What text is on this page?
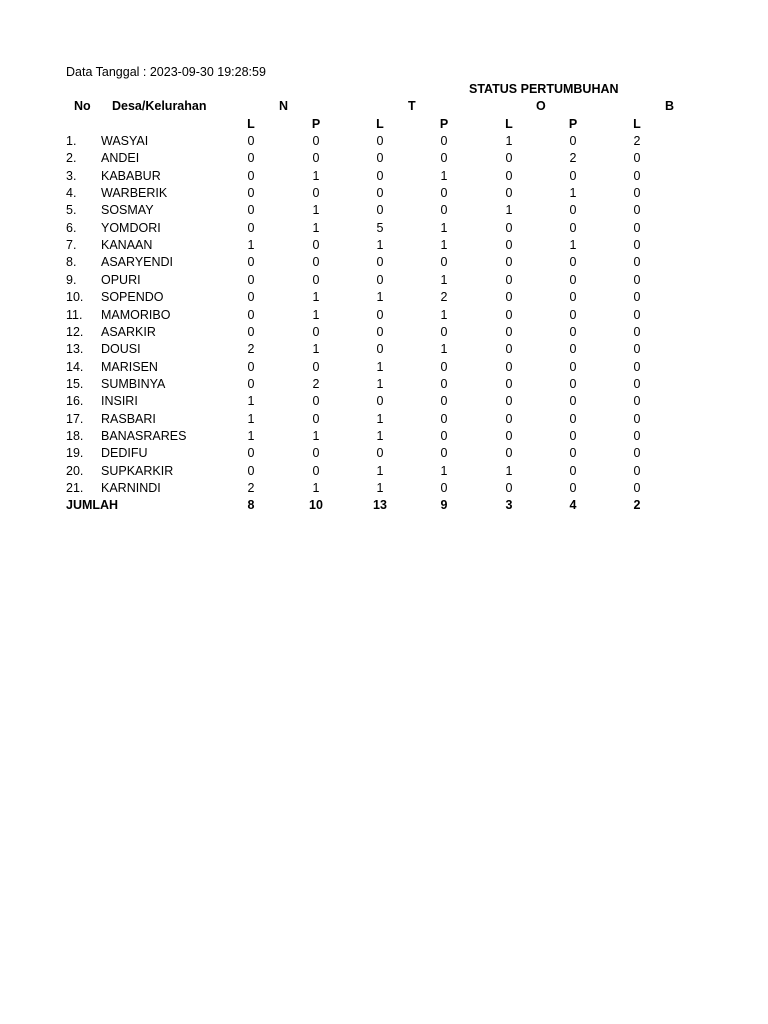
Data Tanggal : 2023-09-30 19:28:59
STATUS PERTUMBUHAN
No Desa/Kelurahan	N	T	O	B
L	P	L	P	L	P	L
1. WASYAI	0	0	0	0	1	0	2
2. ANDEI	0	0	0	0	0	2	0
3. KABABUR	0	1	0	1	0	0	0
4. WARBERIK	0	0	0	0	0	1	0
5. SOSMAY	0	1	0	0	1	0	0
6. YOMDORI	0	1	5	1	0	0	0
7. KANAAN	1	0	1	1	0	1	0
8. ASARYENDI	0	0	0	0	0	0	0
9. OPURI	0	0	0	1	0	0	0
10. SOPENDO	0	1	1	2	0	0	0
11. MAMORIBO	0	1	0	1	0	0	0
12. ASARKIR	0	0	0	0	0	0	0
13. DOUSI	2	1	0	1	0	0	0
14. MARISEN	0	0	1	0	0	0	0
15. SUMBINYA	0	2	1	0	0	0	0
16. INSIRI	1	0	0	0	0	0	0
17. RASBARI	1	0	1	0	0	0	0
18. BANASRARES	1	1	1	0	0	0	0
19. DEDIFU	0	0	0	0	0	0	0
20. SUPKARKIR	0	0	1	1	1	0	0
21. KARNINDI	2	1	1	0	0	0	0
JUMLAH	8	10	13	9	3	4	2
